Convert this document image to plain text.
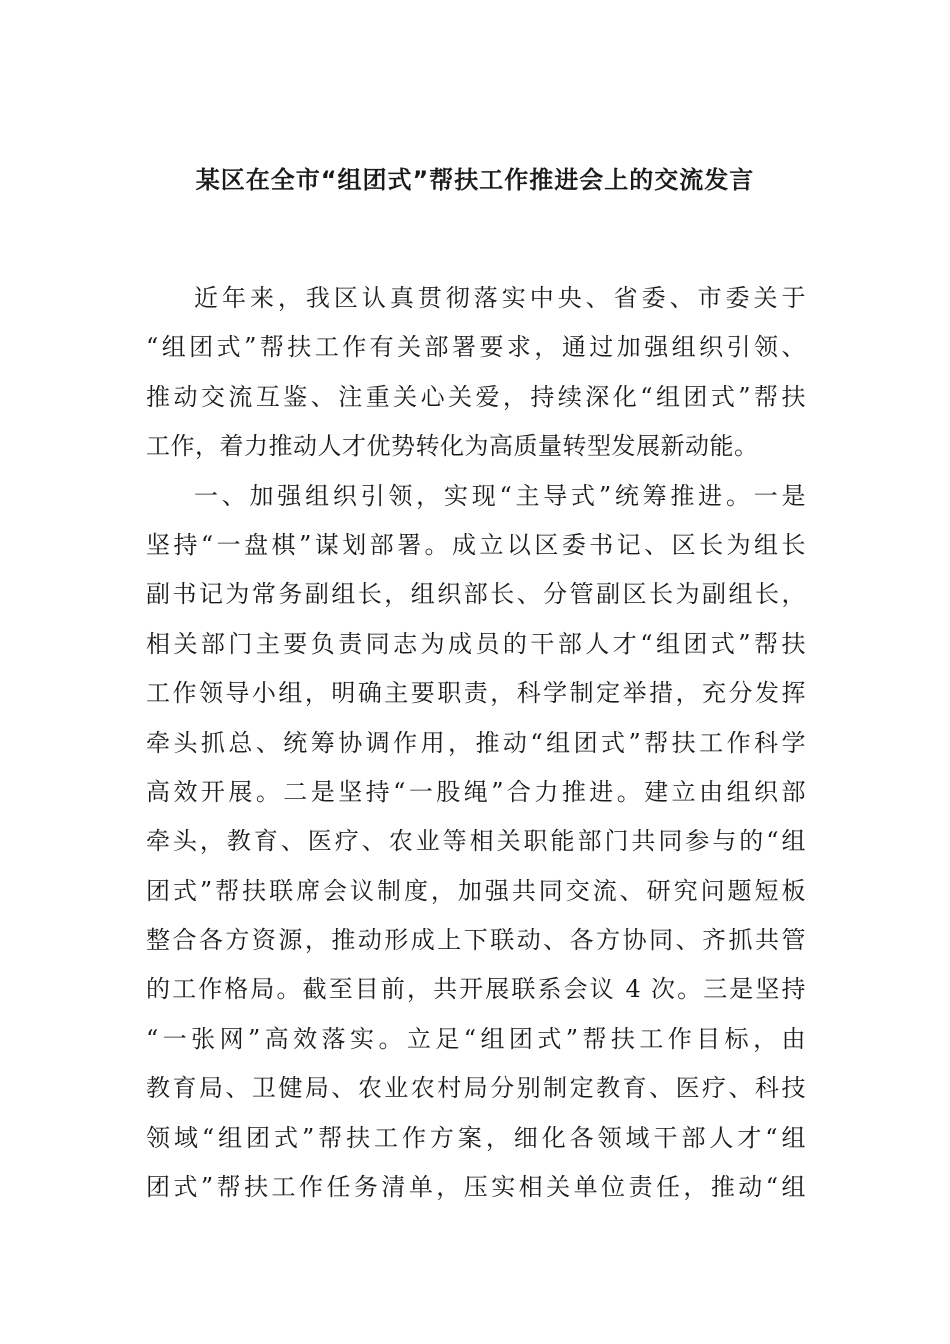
某区在全市“组团式”帮扶工作推进会上的交流发言
近年来，我区认真贯彻落实中央、省委、市委关于
“组团式”帮扶工作有关部署要求，通过加强组织引领、
推动交流互鉴、注重关心关爱，持续深化“组团式”帮扶
工作，着力推动人才优势转化为高质量转型发展新动能。
一、加强组织引领，实现“主导式”统筹推进。一是
坚持“一盘棋”谋划部署。成立以区委书记、区长为组长
副书记为常务副组长，组织部长、分管副区长为副组长，
相关部门主要负责同志为成员的干部人才“组团式”帮扶
工作领导小组，明确主要职责，科学制定举措，充分发挥
牵头抓总、统筹协调作用，推动“组团式”帮扶工作科学
高效开展。二是坚持“一股绳”合力推进。建立由组织部
牵头，教育、医疗、农业等相关职能部门共同参与的“组
团式”帮扶联席会议制度，加强共同交流、研究问题短板
整合各方资源，推动形成上下联动、各方协同、齐抓共管
的工作格局。截至目前，共开展联系会议 4 次。三是坚持
“一张网”高效落实。立足“组团式”帮扶工作目标，由
教育局、卫健局、农业农村局分别制定教育、医疗、科技
领域“组团式”帮扶工作方案，细化各领域干部人才“组
团式”帮扶工作任务清单，压实相关单位责任，推动“组
